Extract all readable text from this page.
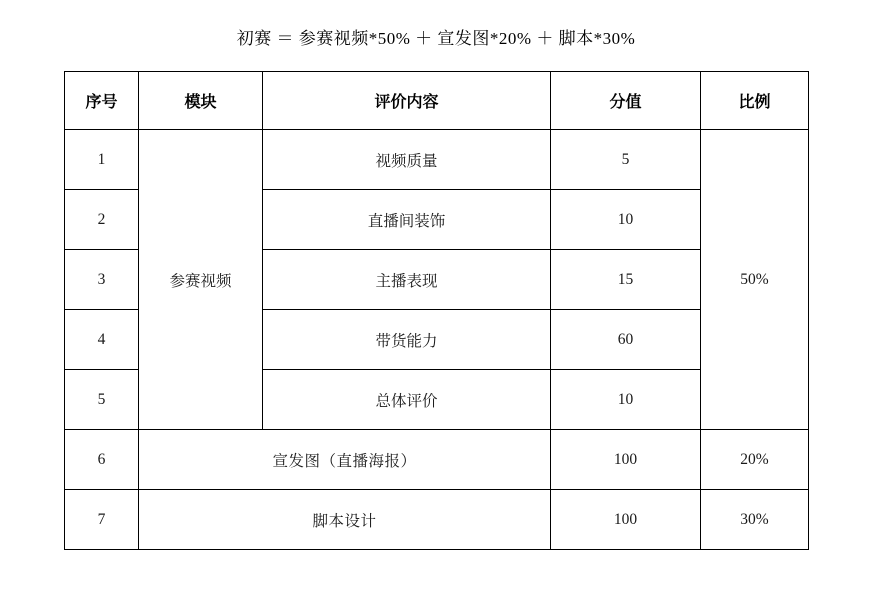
初赛 ＝ 参赛视频*50% ＋ 宣发图*20% ＋ 脚本*30%
序号	模块	评价内容	分值	比例
1	参赛视频	视频质量	5	50%
2		直播间装饰	10	
3		主播表现	15	
4		带货能力	60	
5		总体评价	10	
6	宣发图（直播海报）		100	20%
7	脚本设计		100	30%
